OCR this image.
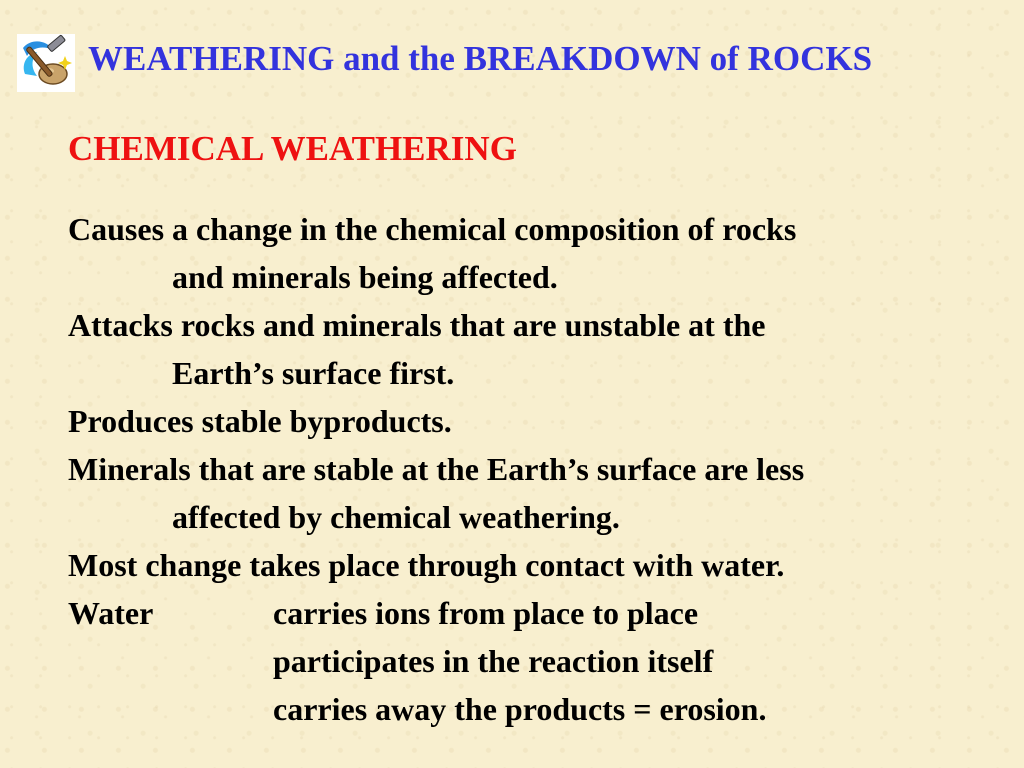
WEATHERING and the BREAKDOWN of ROCKS
CHEMICAL WEATHERING
Causes a change in the chemical composition of rocks
and minerals being affected.
Attacks rocks and minerals that are unstable at the
Earth’s surface first.
Produces stable byproducts.
Minerals that are stable at the Earth’s surface are less
affected by chemical weathering.
Most change takes place through contact with water.
Water	carries ions from place to place
participates in the reaction itself
carries away the products = erosion.
